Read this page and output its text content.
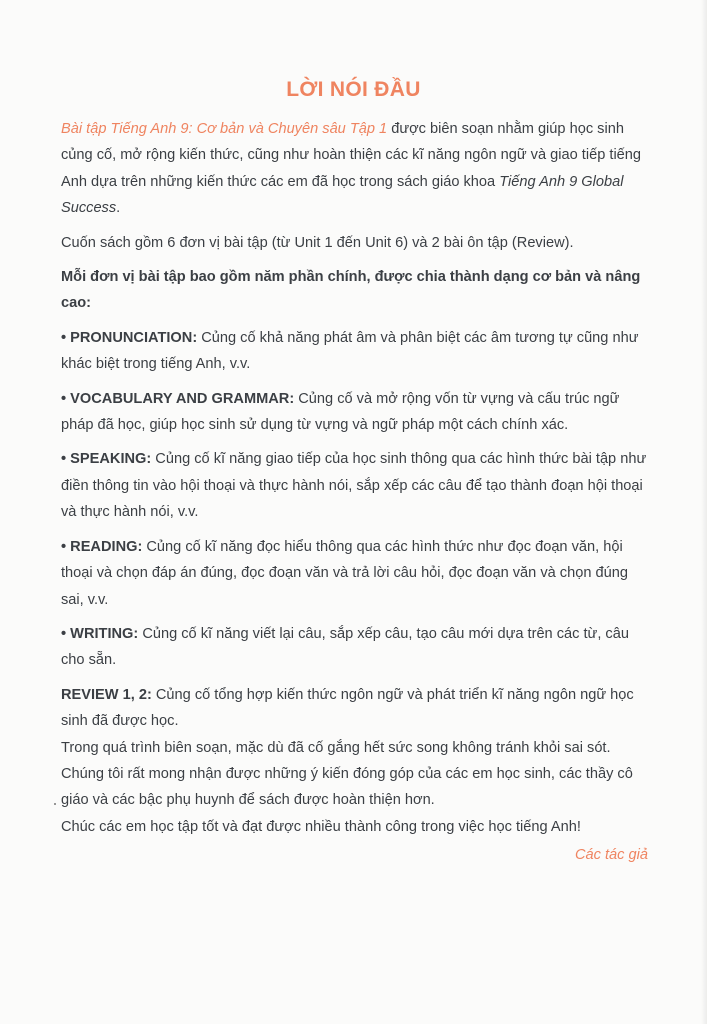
LỜI NÓI ĐẦU

Bài tập Tiếng Anh 9: Cơ bản và Chuyên sâu Tập 1 được biên soạn nhằm giúp học sinh củng cố, mở rộng kiến thức, cũng như hoàn thiện các kĩ năng ngôn ngữ và giao tiếp tiếng Anh dựa trên những kiến thức các em đã học trong sách giáo khoa Tiếng Anh 9 Global Success.

Cuốn sách gồm 6 đơn vị bài tập (từ Unit 1 đến Unit 6) và 2 bài ôn tập (Review).

Mỗi đơn vị bài tập bao gồm năm phần chính, được chia thành dạng cơ bản và nâng cao:

• PRONUNCIATION: Củng cố khả năng phát âm và phân biệt các âm tương tự cũng như khác biệt trong tiếng Anh, v.v.

• VOCABULARY AND GRAMMAR: Củng cố và mở rộng vốn từ vựng và cấu trúc ngữ pháp đã học, giúp học sinh sử dụng từ vựng và ngữ pháp một cách chính xác.

• SPEAKING: Củng cố kĩ năng giao tiếp của học sinh thông qua các hình thức bài tập như điền thông tin vào hội thoại và thực hành nói, sắp xếp các câu để tạo thành đoạn hội thoại và thực hành nói, v.v.

• READING: Củng cố kĩ năng đọc hiểu thông qua các hình thức như đọc đoạn văn, hội thoại và chọn đáp án đúng, đọc đoạn văn và trả lời câu hỏi, đọc đoạn văn và chọn đúng sai, v.v.

• WRITING: Củng cố kĩ năng viết lại câu, sắp xếp câu, tạo câu mới dựa trên các từ, câu cho sẵn.

REVIEW 1, 2: Củng cố tổng hợp kiến thức ngôn ngữ và phát triển kĩ năng ngôn ngữ học sinh đã được học.

Trong quá trình biên soạn, mặc dù đã cố gắng hết sức song không tránh khỏi sai sót. Chúng tôi rất mong nhận được những ý kiến đóng góp của các em học sinh, các thầy cô giáo và các bậc phụ huynh để sách được hoàn thiện hơn.

Chúc các em học tập tốt và đạt được nhiều thành công trong việc học tiếng Anh!

Các tác giả
